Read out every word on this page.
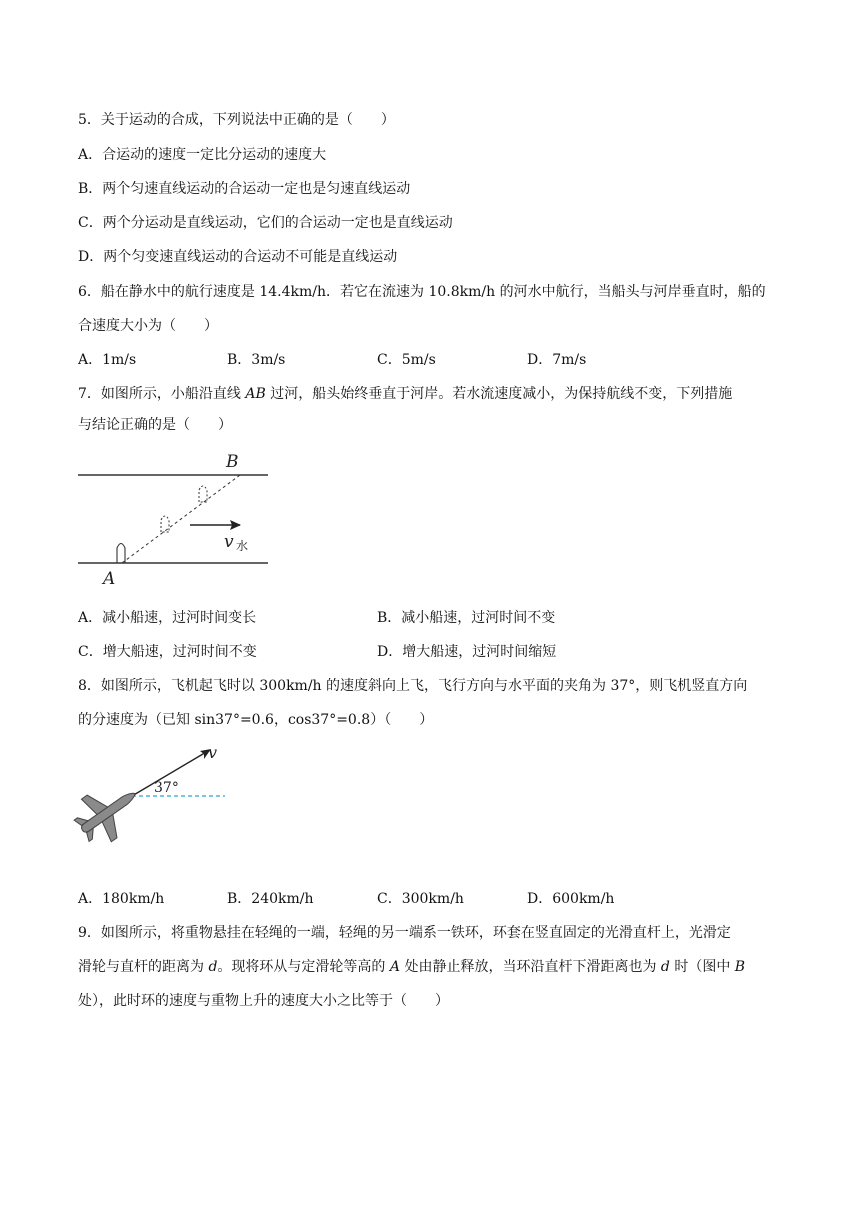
5．关于运动的合成，下列说法中正确的是（　　）
A．合运动的速度一定比分运动的速度大
B．两个匀速直线运动的合运动一定也是匀速直线运动
C．两个分运动是直线运动，它们的合运动一定也是直线运动
D．两个匀变速直线运动的合运动不可能是直线运动
6．船在静水中的航行速度是 14.4km/h．若它在流速为 10.8km/h 的河水中航行，当船头与河岸垂直时，船的
合速度大小为（　　）
A．1m/s	B．3m/s	C．5m/s	D．7m/s
7．如图所示，小船沿直线 AB 过河，船头始终垂直于河岸。若水流速度减小，为保持航线不变，下列措施
与结论正确的是（　　）
B
A
v 水
A．减小船速，过河时间变长	B．减小船速，过河时间不变
C．增大船速，过河时间不变	D．增大船速，过河时间缩短
8．如图所示，飞机起飞时以 300km/h 的速度斜向上飞，飞行方向与水平面的夹角为 37°，则飞机竖直方向
的分速度为（已知 sin37°=0.6，cos37°=0.8）（　　）
v
37°
A．180km/h	B．240km/h	C．300km/h	D．600km/h
9．如图所示，将重物悬挂在轻绳的一端，轻绳的另一端系一铁环，环套在竖直固定的光滑直杆上，光滑定
滑轮与直杆的距离为 d。现将环从与定滑轮等高的 A 处由静止释放，当环沿直杆下滑距离也为 d 时（图中 B
处），此时环的速度与重物上升的速度大小之比等于（　　）
